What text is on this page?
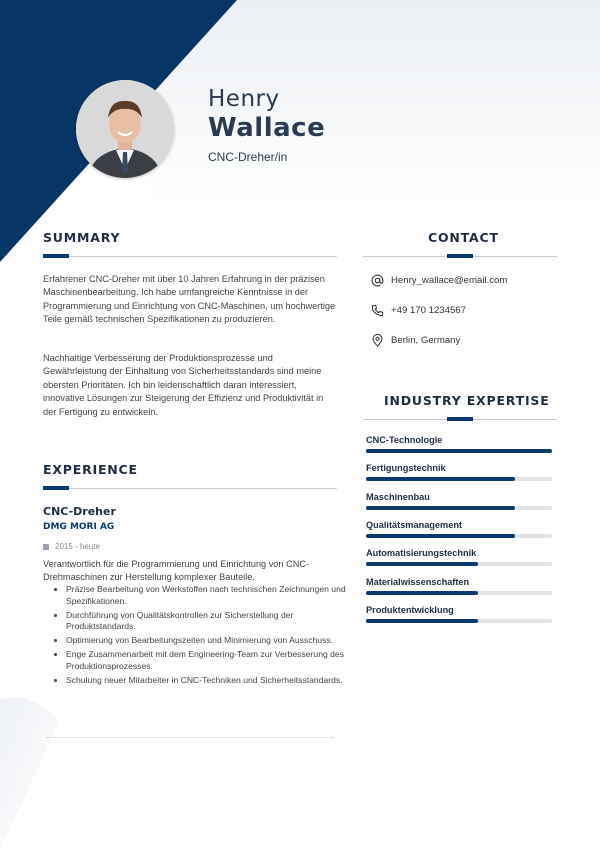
Henry
Wallace
CNC-Dreher/in
SUMMARY
Erfahrener CNC-Dreher mit über 10 Jahren Erfahrung in der präzisen Maschinenbearbeitung. Ich habe umfangreiche Kenntnisse in der Programmierung und Einrichtung von CNC-Maschinen, um hochwertige Teile gemäß technischen Spezifikationen zu produzieren.
Nachhaltige Verbesserung der Produktionsprozesse und Gewährleistung der Einhaltung von Sicherheitsstandards sind meine obersten Prioritäten. Ich bin leidenschaftlich daran interessiert, innovative Lösungen zur Steigerung der Effizienz und Produktivität in der Fertigung zu entwickeln.
CONTACT
Henry_wallace@email.com
+49 170 1234567
Berlin, Germany
INDUSTRY EXPERTISE
CNC-Technologie
Fertigungstechnik
Maschinenbau
Qualitätsmanagement
Automatisierungstechnik
Materialwissenschaften
Produktentwicklung
EXPERIENCE
CNC-Dreher
DMG MORI AG
2015 - heute
Verantwortlich für die Programmierung und Einrichtung von CNC-Drehmaschinen zur Herstellung komplexer Bauteile.
• Präzise Bearbeitung von Werkstoffen nach technischen Zeichnungen und Spezifikationen.
• Durchführung von Qualitätskontrollen zur Sicherstellung der Produktstandards.
• Optimierung von Bearbeitungszeiten und Minimierung von Ausschuss.
• Enge Zusammenarbeit mit dem Engineering-Team zur Verbesserung des Produktionsprozesses.
• Schulung neuer Mitarbeiter in CNC-Techniken und Sicherheitsstandards.
